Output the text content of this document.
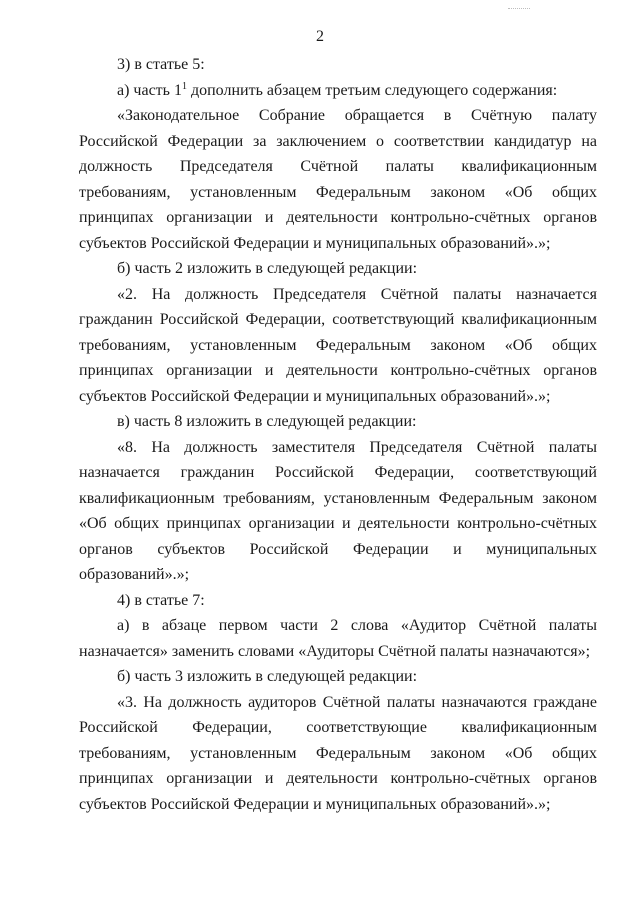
2

3) в статье 5:

а) часть $1^1$ дополнить абзацем третьим следующего содержания:

«Законодательное Собрание обращается в Счётную палату Российской Федерации за заключением о соответствии кандидатур на должность Председателя Счётной палаты квалификационным требованиям, установленным Федеральным законом «Об общих принципах организации и деятельности контрольно-счётных органов субъектов Российской Федерации и муниципальных образований».»;

б) часть 2 изложить в следующей редакции:

«2. На должность Председателя Счётной палаты назначается гражданин Российской Федерации, соответствующий квалификационным требованиям, установленным Федеральным законом «Об общих принципах организации и деятельности контрольно-счётных органов субъектов Российской Федерации и муниципальных образований».»;

в) часть 8 изложить в следующей редакции:

«8. На должность заместителя Председателя Счётной палаты назначается гражданин Российской Федерации, соответствующий квалификационным требованиям, установленным Федеральным законом «Об общих принципах организации и деятельности контрольно-счётных органов субъектов Российской Федерации и муниципальных образований».»;

4) в статье 7:

а) в абзаце первом части 2 слова «Аудитор Счётной палаты назначается» заменить словами «Аудиторы Счётной палаты назначаются»;

б) часть 3 изложить в следующей редакции:

«3. На должность аудиторов Счётной палаты назначаются граждане Российской Федерации, соответствующие квалификационным требованиям, установленным Федеральным законом «Об общих принципах организации и деятельности контрольно-счётных органов субъектов Российской Федерации и муниципальных образований».»;
